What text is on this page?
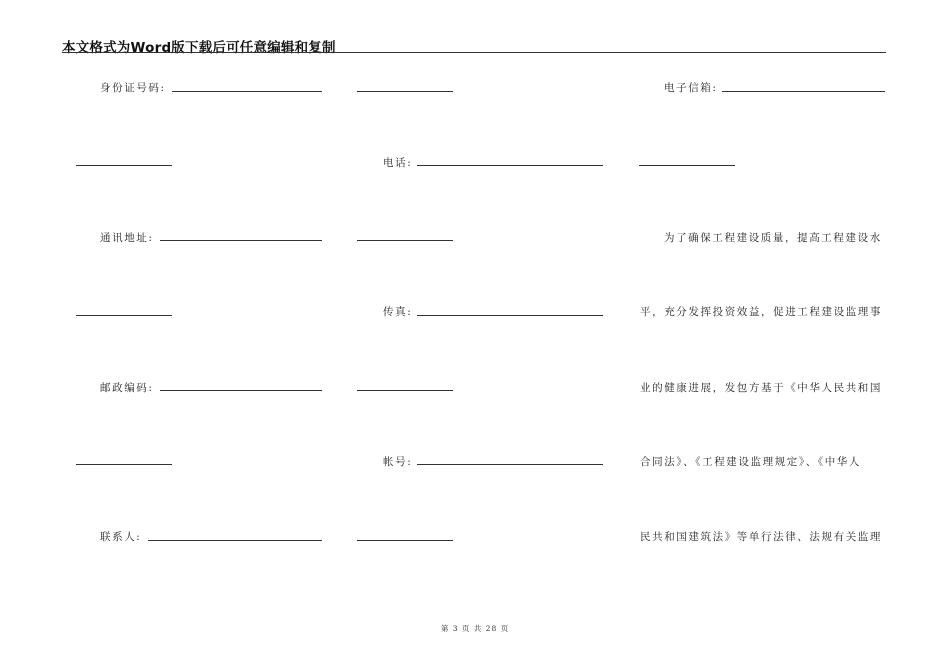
本文格式为Word版下载后可任意编辑和复制
身份证号码:	电子信箱:
电话:
通讯地址:	为了确保工程建设质量，提高工程建设水
传真:	平，充分发挥投资效益，促进工程建设监理事
邮政编码:	业的健康进展，发包方基于《中华人民共和国
帐号:	合同法》、《工程建设监理规定》、《中华人
联系人:	民共和国建筑法》等单行法律、法规有关监理
第 3 页 共 28 页
